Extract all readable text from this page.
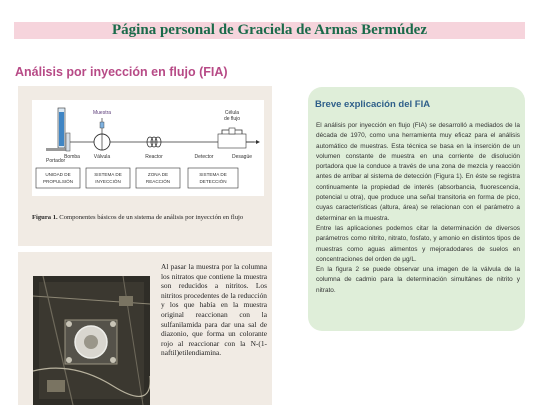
Página personal de Graciela de Armas Bermúdez
Análisis por inyección en flujo (FIA)
Muestra	Célula
de flujo
Bomba	Válvula	Reactor	Detector	Desagüe
Portador
UNIDAD DE
PROPULSIÓN
SISTEMA DE
INYECCIÓN
ZONA DE
REACCIÓN
SISTEMA DE
DETECCIÓN
Figura 1. Componentes básicos de un sistema de análisis por inyección en flujo
Al pasar la muestra por la columna los nitratos que contiene la muestra son reducidos a nitritos. Los nitritos procedentes de la reducción y los que había en la muestra original reaccionan con la sulfanilamida para dar una sal de diazonio, que forma un colorante rojo al reaccionar con la N-(1-naftil)etilendiamina.
Breve explicación del FIA

El análisis por inyección en flujo (FIA) se desarrolló a mediados de la década de 1970, como una herramienta muy eficaz para el análisis automático de muestras. Esta técnica se basa en la inserción de un volumen constante de muestra en una corriente de disolución portadora que la conduce a través de una zona de mezcla y reacción antes de arribar al sistema de detección (Figura 1). En éste se registra continuamente la propiedad de interés (absorbancia, fluorescencia, potencial u otra), que produce una señal transitoria en forma de pico, cuyas características (altura, área) se relacionan con el parámetro a determinar en la muestra.

Entre las aplicaciones podemos citar la determinación de diversos parámetros como nitrito, nitrato, fosfato, y amonio en distintos tipos de muestras como aguas alimentos y mejoradodares de suelos en concentraciones del orden de μg/L.

En la figura 2 se puede observar una imagen de la válvula de la columna de cadmio para la determinación simultánes de nitrito y nitrato.
